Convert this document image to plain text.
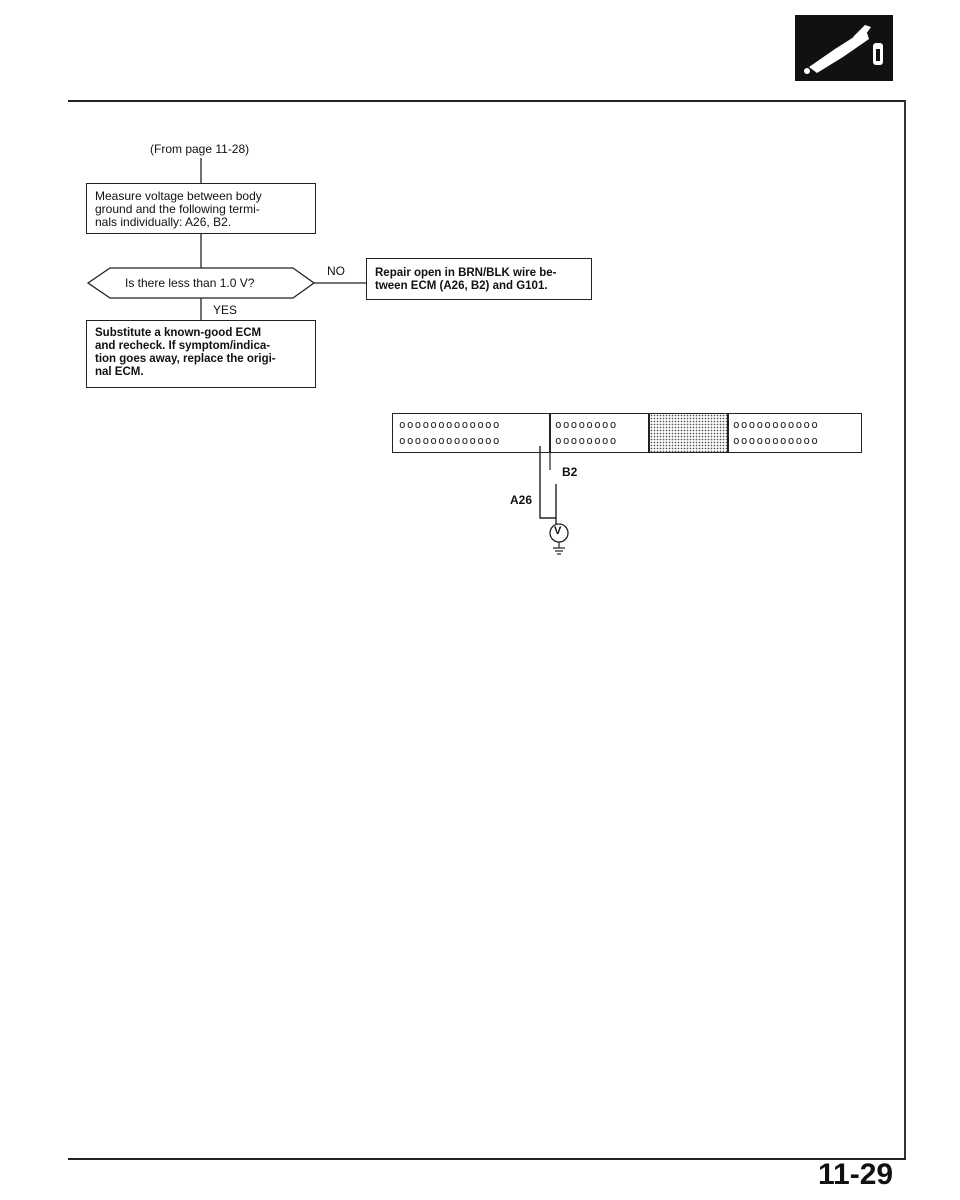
(From page 11-28)
Measure voltage between body
ground and the following termi-
nals individually: A26, B2.
Is there less than 1.0 V?
NO	Repair open in BRN/BLK wire be-
tween ECM (A26, B2) and G101.
YES
Substitute a known-good ECM
and recheck. If symptom/indica-
tion goes away, replace the origi-
nal ECM.
ooooooooooooo
ooooooooooooo
oooooooo
oooooooo
ooooooooooo
ooooooooooo
B2
A26
V
11-29
